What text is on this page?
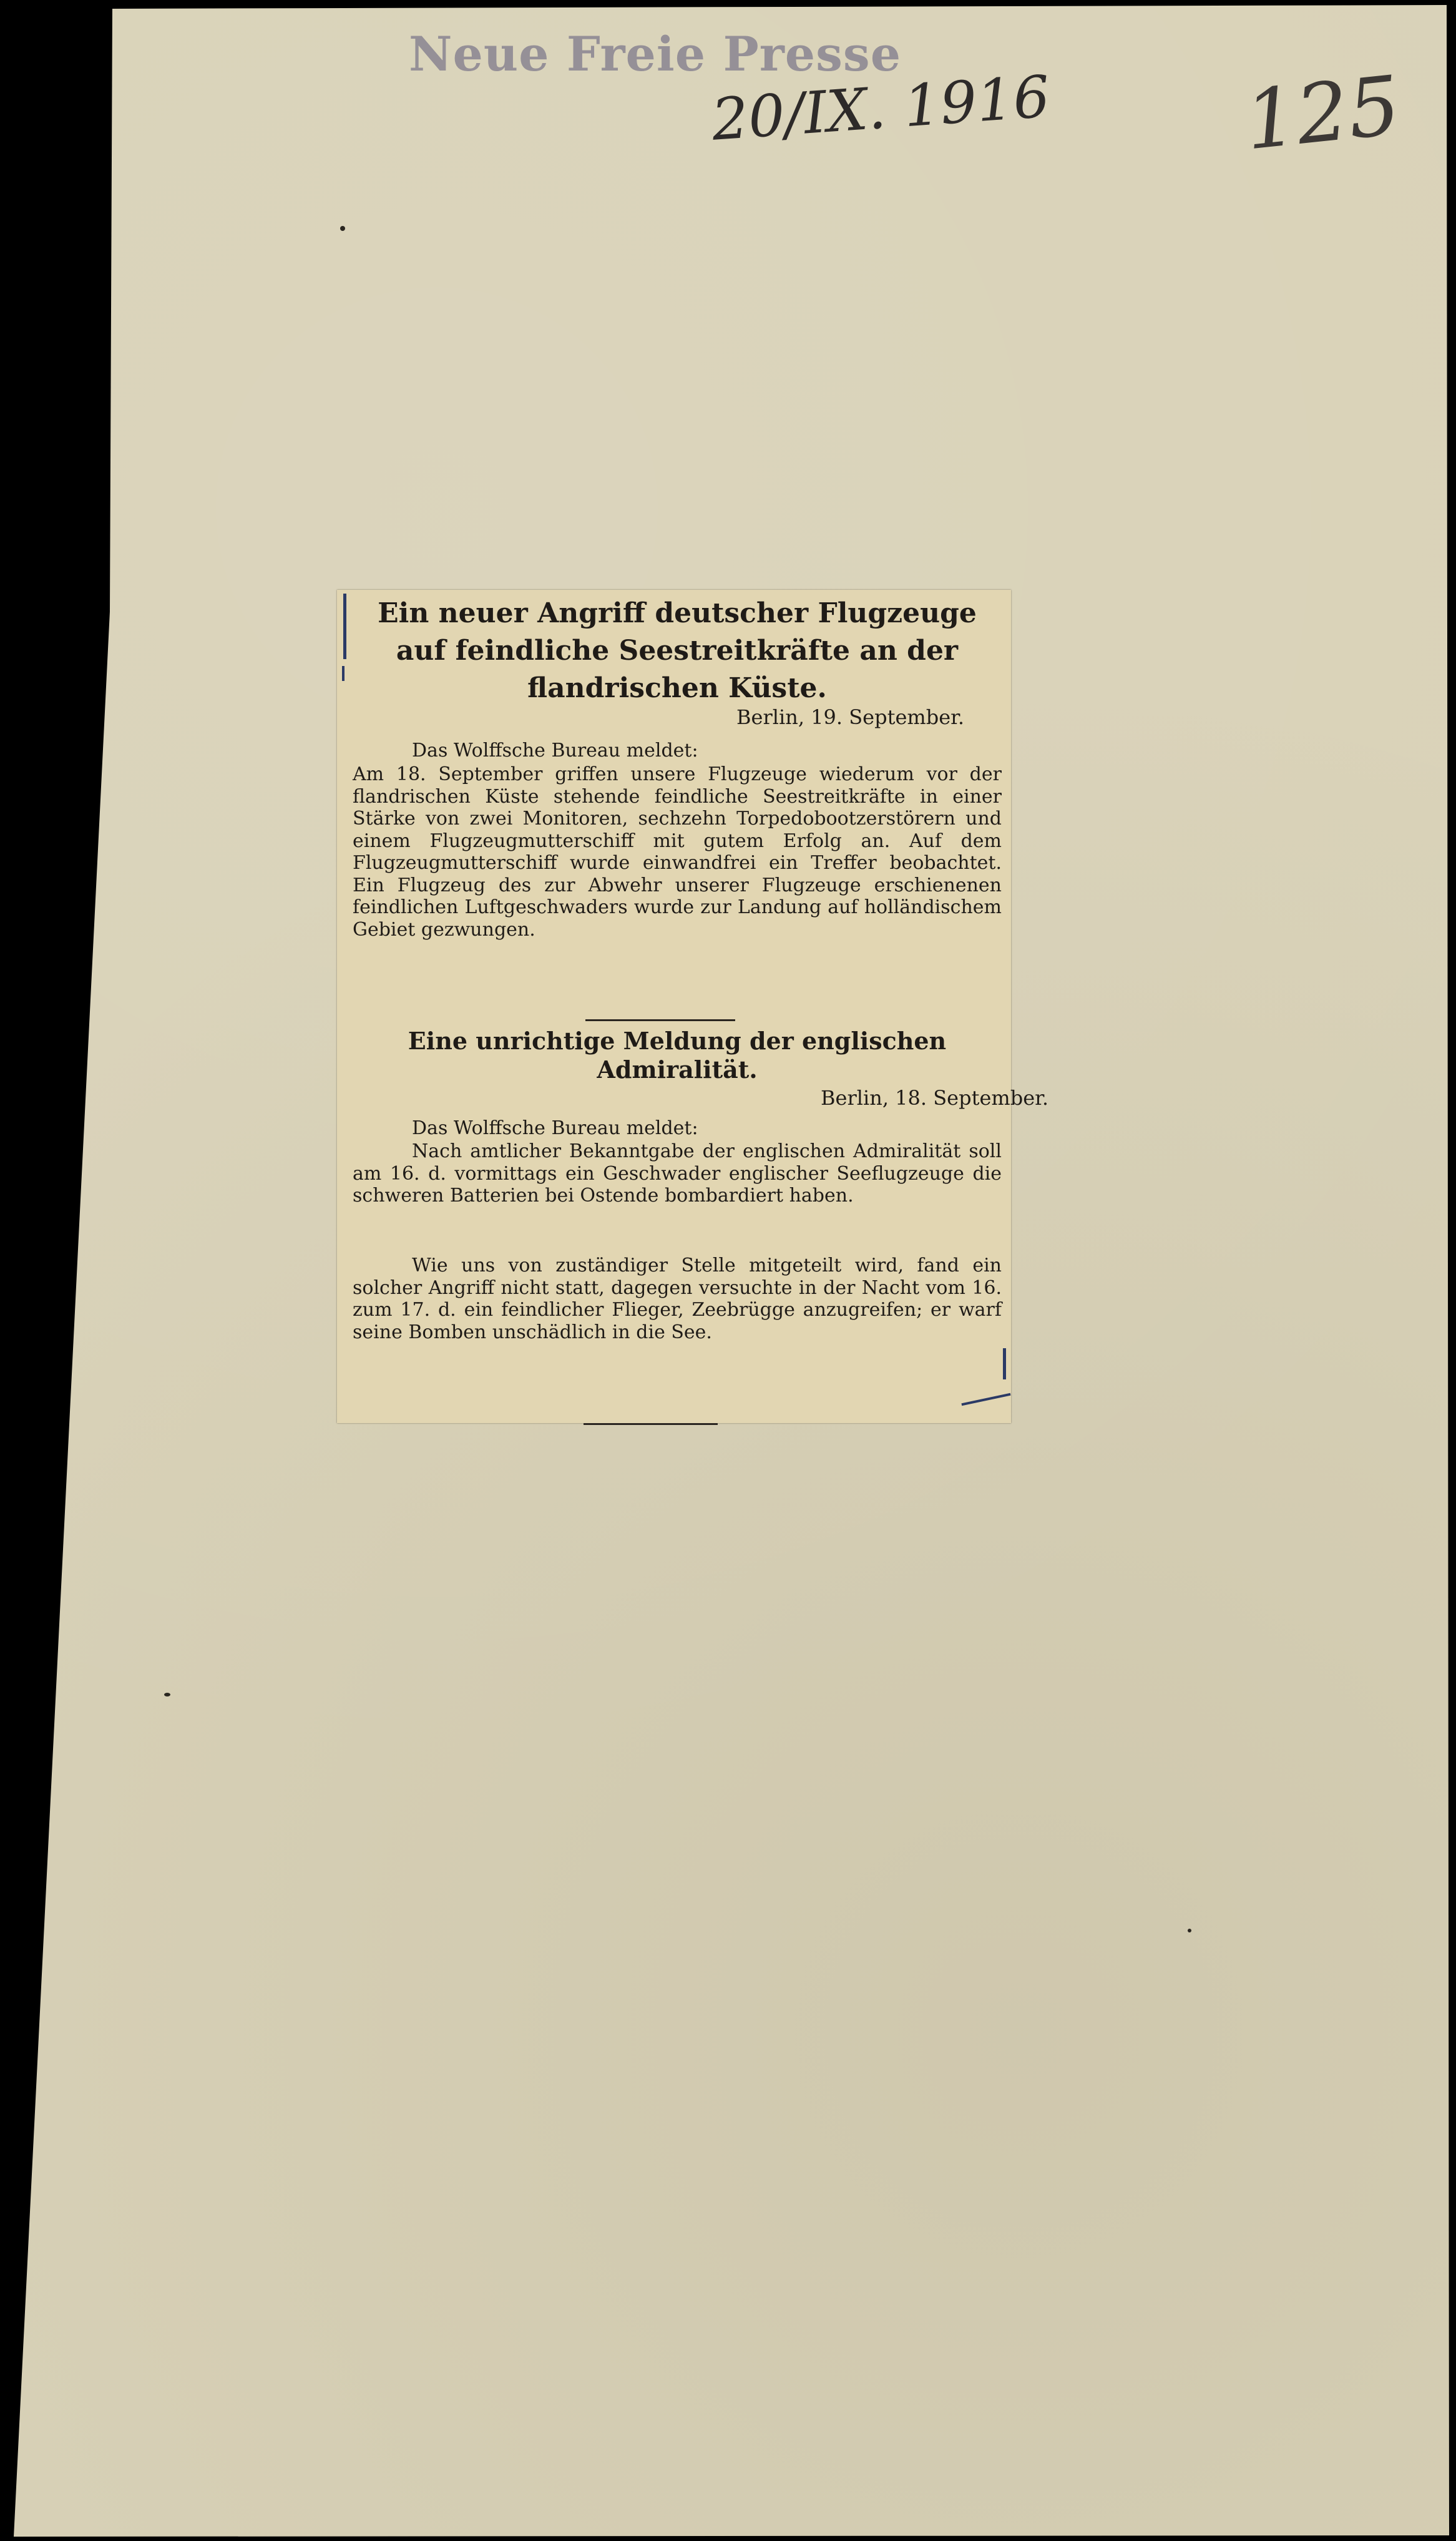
Neue Freie Presse
20/IX. 1916 125
Ein neuer Angriff deutscher Flugzeuge auf feindliche Seestreitkräfte an der flandrischen Küste.
Berlin, 19. September.
Das Wolffsche Bureau meldet:
Am 18. September griffen unsere Flugzeuge wiederum vor der flandrischen Küste stehende feindliche Seestreitkräfte in einer Stärke von zwei Monitoren, sechzehn Torpedobootzerstörern und einem Flugzeugmutterschiff mit gutem Erfolg an. Auf dem Flugzeugmutterschiff wurde einwandfrei ein Treffer beobachtet. Ein Flugzeug des zur Abwehr unserer Flugzeuge erschienenen feindlichen Luftgeschwaders wurde zur Landung auf holländischem Gebiet gezwungen.
Eine unrichtige Meldung der englischen Admiralität.
Berlin, 18. September.
Das Wolffsche Bureau meldet:
Nach amtlicher Bekanntgabe der englischen Admiralität soll am 16. d. vormittags ein Geschwader englischer Seeflugzeuge die schweren Batterien bei Ostende bombardiert haben.
Wie uns von zuständiger Stelle mitgeteilt wird, fand ein solcher Angriff nicht statt, dagegen versuchte in der Nacht vom 16. zum 17. d. ein feindlicher Flieger, Zeebrügge anzugreifen; er warf seine Bomben unschädlich in die See.
